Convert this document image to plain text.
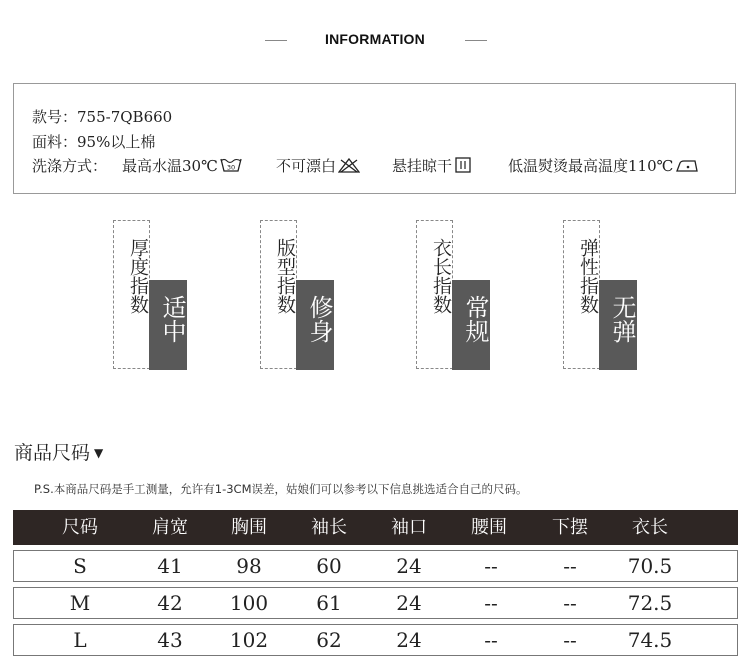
INFORMATION
款号：755-7QB660
面料：95%以上棉
洗涤方式： 最高水温30℃ 30	不可漂白	悬挂晾干	低温熨烫最高温度110℃
厚度指数
适中
版型指数
修身
衣长指数
常规
弹性指数
无弹
商品尺码 ▼
P.S.本商品尺码是手工测量，允许有1-3CM误差，姑娘们可以参考以下信息挑选适合自己的尺码。
尺码	肩宽	胸围	袖长	袖口	腰围	下摆	衣长
S	41	98	60	24	--	--	70.5
M	42	100	61	24	--	--	72.5
L	43	102	62	24	--	--	74.5
